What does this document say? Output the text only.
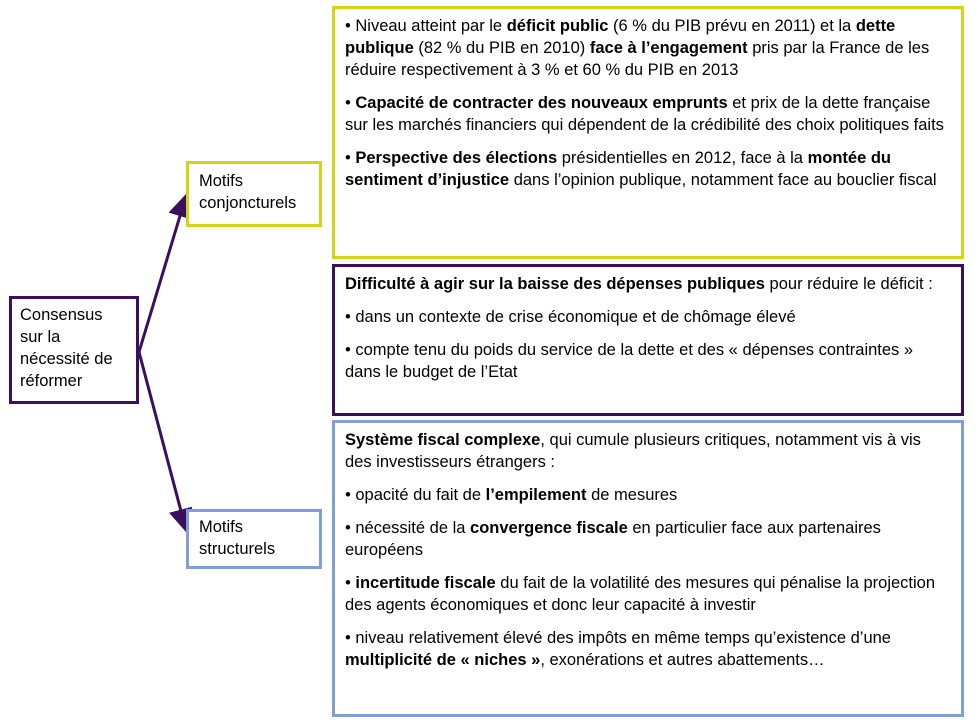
Consensus sur la nécessité de réformer
Motifs conjoncturels
Motifs structurels
• Niveau atteint par le déficit public (6 % du PIB prévu en 2011) et la dette publique (82 % du PIB en 2010) face à l’engagement pris par la France de les réduire respectivement à 3 % et 60 % du PIB en 2013
• Capacité de contracter des nouveaux emprunts et prix de la dette française sur les marchés financiers qui dépendent de la crédibilité des choix politiques faits
• Perspective des élections présidentielles en 2012, face à la montée du sentiment d’injustice dans l’opinion publique, notamment face au bouclier fiscal
Difficulté à agir sur la baisse des dépenses publiques pour réduire le déficit :
• dans un contexte de crise économique et de chômage élevé
• compte tenu du poids du service de la dette et des « dépenses contraintes » dans le budget de l’Etat
Système fiscal complexe, qui cumule plusieurs critiques, notamment vis à vis des investisseurs étrangers :
• opacité du fait de l’empilement de mesures
• nécessité de la convergence fiscale en particulier face aux partenaires européens
• incertitude fiscale du fait de la volatilité des mesures qui pénalise la projection des agents économiques et donc leur capacité à investir
• niveau relativement élevé des impôts en même temps qu’existence d’une multiplicité de « niches », exonérations et autres abattements…
